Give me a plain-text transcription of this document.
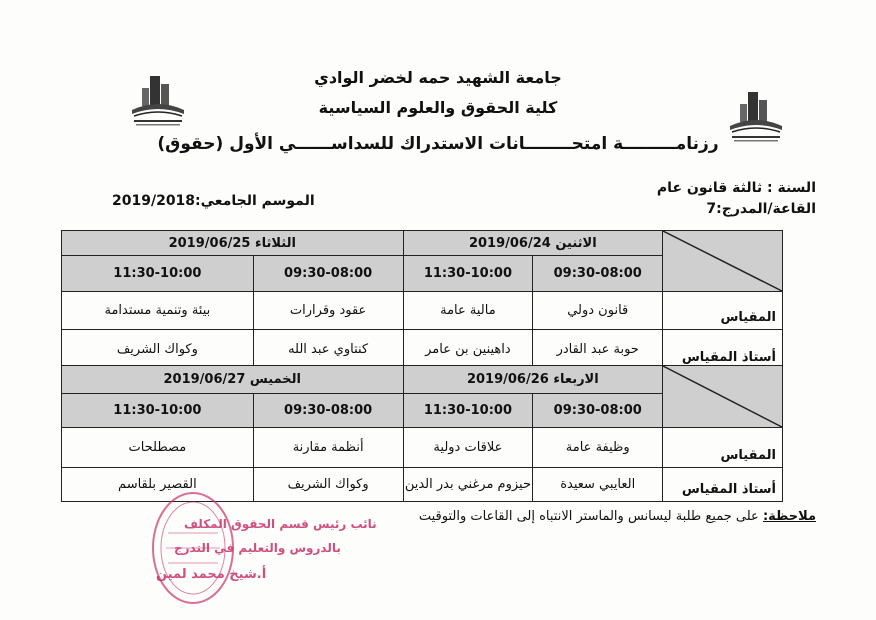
جامعة الشهيد حمه لخضر الوادي
كلية الحقوق والعلوم السياسية
رزنامـــــــــة امتحــــــــانات الاستدراك للسداســــــي الأول (حقوق)
السنة : ثالثة قانون عام
القاعة/المدرج:7
الموسم الجامعي:2019/2018
	الاثنين 2019/06/24		الثلاثاء 2019/06/25	
	09:30-08:00	11:30-10:00	09:30-08:00	11:30-10:00
المقياس	قانون دولي	مالية عامة	عقود وقرارات	بيئة وتنمية مستدامة
أستاذ المقياس	حوبة عبد القادر	داهينين بن عامر	كنتاوي عبد الله	وكواك الشريف
	الاربعاء 2019/06/26		الخميس 2019/06/27	
	09:30-08:00	11:30-10:00	09:30-08:00	11:30-10:00
المقياس	وظيفة عامة	علاقات دولية	أنظمة مقارنة	مصطلحات
أستاذ المقياس	العايبي سعيدة	حيزوم مرغني بدر الدين	وكواك الشريف	القصير بلقاسم
ملاحظة: على جميع طلبة ليسانس والماستر الانتباه إلى القاعات والتوقيت
نائب رئيس قسم الحقوق المكلف
بالدروس والتعليم في التدرج
أ.شيخ محمد لمين
